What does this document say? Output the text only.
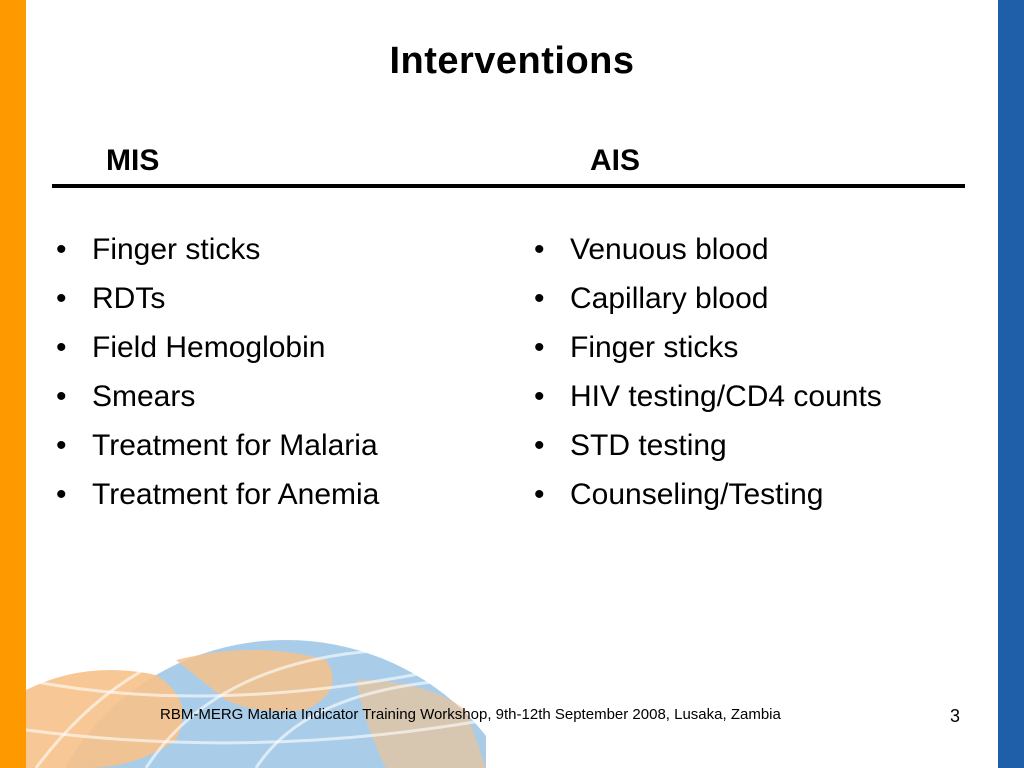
Interventions
MIS	AIS
• Finger sticks
• RDTs
• Field Hemoglobin
• Smears
• Treatment for Malaria
• Treatment for Anemia
• Venuous blood
• Capillary blood
• Finger sticks
• HIV testing/CD4 counts
• STD testing
• Counseling/Testing
RBM-MERG Malaria Indicator Training Workshop, 9th-12th September 2008, Lusaka, Zambia	3
